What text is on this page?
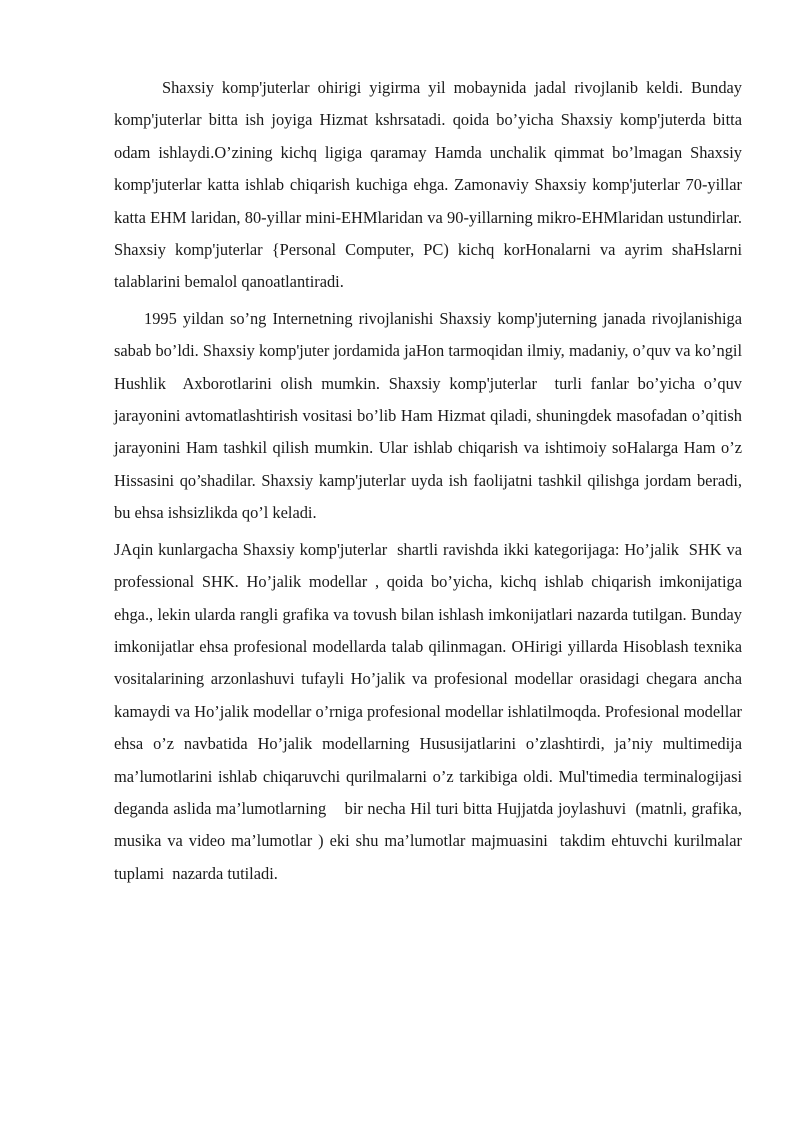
Shaxsiy komp'juterlar ohirigi yigirma yil mobaynida jadal rivojlanib keldi. Bunday komp'juterlar bitta ish joyiga Hizmat kshrsatadi. qoida bo’yicha Shaxsiy komp'juterda bitta odam ishlaydi.O’zining kichq ligiga qaramay Hamda unchalik qimmat bo’lmagan Shaxsiy komp'juterlar katta ishlab chiqarish kuchiga ehga. Zamonaviy Shaxsiy komp'juterlar 70-yillar katta EHM laridan, 80-yillar mini-EHMlaridan va 90-yillarning mikro-EHMlaridan ustundirlar. Shaxsiy komp'juterlar {Personal Computer, PC) kichq korHonalarni va ayrim shaHslarni talablarini bemalol qanoatlantiradi.

1995 yildan so’ng Internetning rivojlanishi Shaxsiy komp'juterning janada rivojlanishiga sabab bo’ldi. Shaxsiy komp'juter jordamida jaHon tarmoqidan ilmiy, madaniy, o’quv va ko’ngil Hushlik  Axborotlarini olish mumkin. Shaxsiy komp'juterlar  turli fanlar bo’yicha o’quv jarayonini avtomatlashtirish vositasi bo’lib Ham Hizmat qiladi, shuningdek masofadan o’qitish jarayonini Ham tashkil qilish mumkin. Ular ishlab chiqarish va ishtimoiy soHalarga Ham o’z Hissasini qo’shadilar. Shaxsiy kamp'juterlar uyda ish faolijatni tashkil qilishga jordam beradi, bu ehsa ishsizlikda qo’l keladi.

JAqin kunlargacha Shaxsiy komp'juterlar  shartli ravishda ikki kategorijaga: Ho’jalik  SHK va professional SHK. Ho’jalik modellar , qoida bo’yicha, kichq ishlab chiqarish imkonijatiga ehga., lekin ularda rangli grafika va tovush bilan ishlash imkonijatlari nazarda tutilgan. Bunday imkonijatlar ehsa profesional modellarda talab qilinmagan. OHirigi yillarda Hisoblash texnika vositalarining arzonlashuvi tufayli Ho’jalik va profesional modellar orasidagi chegara ancha kamaydi va Ho’jalik modellar o’rniga profesional modellar ishlatilmoqda. Profesional modellar ehsa o’z navbatida Ho’jalik modellarning Hususijatlarini o’zlashtirdi, ja’niy multimedija ma’lumotlarini ishlab chiqaruvchi qurilmalarni o’z tarkibiga oldi. Mul'timedia terminalogijasi deganda aslida ma’lumotlarning    bir necha Hil turi bitta Hujjatda joylashuvi  (matnli, grafika, musika va video ma’lumotlar ) eki shu ma’lumotlar majmuasini  takdim ehtuvchi kurilmalar tuplami  nazarda tutiladi.
